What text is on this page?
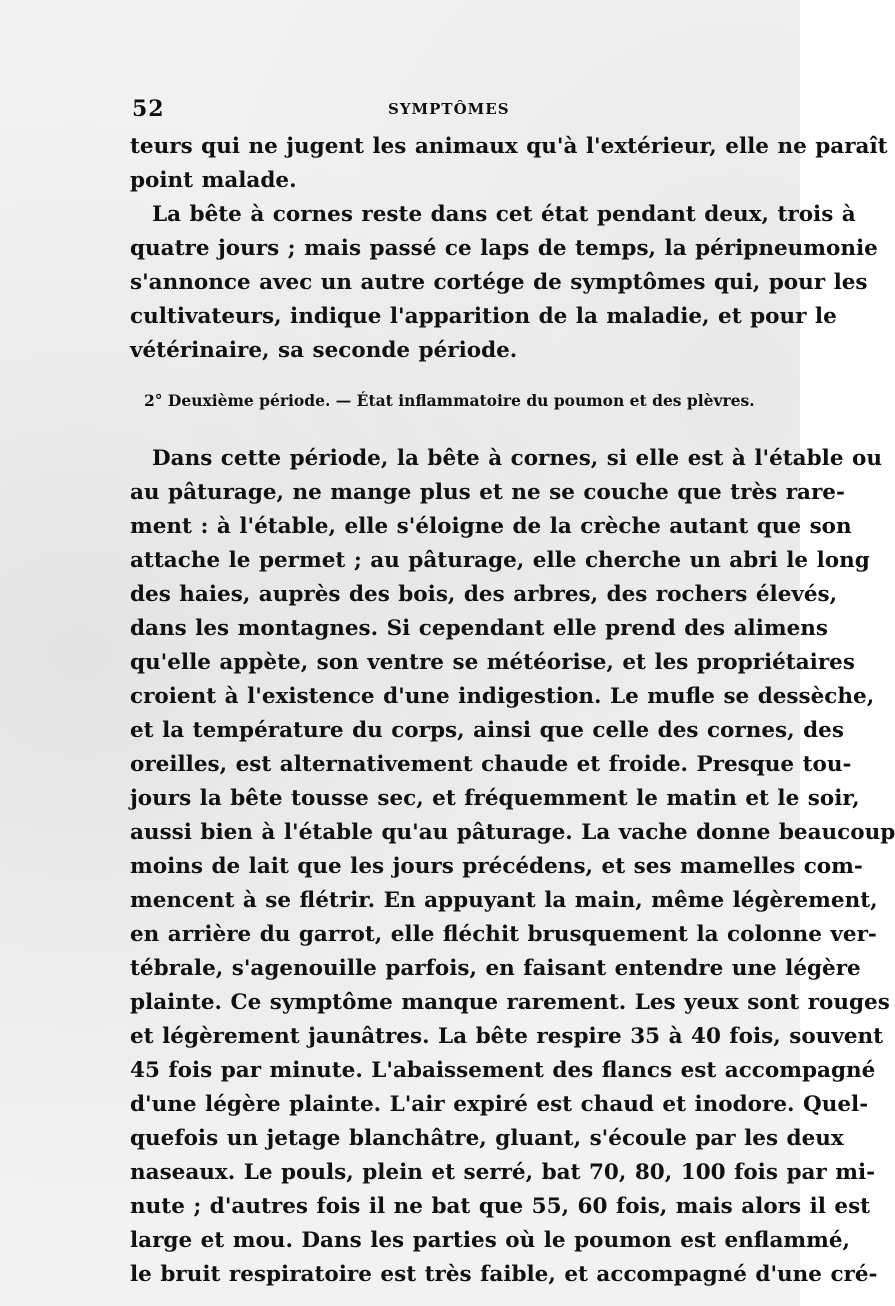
52	SYMPTÔMES
teurs qui ne jugent les animaux qu'à l'extérieur, elle ne paraît
point malade.
La bête à cornes reste dans cet état pendant deux, trois à
quatre jours ; mais passé ce laps de temps, la péripneumonie
s'annonce avec un autre cortége de symptômes qui, pour les
cultivateurs, indique l'apparition de la maladie, et pour le
vétérinaire, sa seconde période.
2° Deuxième période. — État inflammatoire du poumon et des plèvres.
Dans cette période, la bête à cornes, si elle est à l'étable ou
au pâturage, ne mange plus et ne se couche que très rare-
ment : à l'étable, elle s'éloigne de la crèche autant que son
attache le permet ; au pâturage, elle cherche un abri le long
des haies, auprès des bois, des arbres, des rochers élevés,
dans les montagnes. Si cependant elle prend des alimens
qu'elle appète, son ventre se météorise, et les propriétaires
croient à l'existence d'une indigestion. Le mufle se dessèche,
et la température du corps, ainsi que celle des cornes, des
oreilles, est alternativement chaude et froide. Presque tou-
jours la bête tousse sec, et fréquemment le matin et le soir,
aussi bien à l'étable qu'au pâturage. La vache donne beaucoup
moins de lait que les jours précédens, et ses mamelles com-
mencent à se flétrir. En appuyant la main, même légèrement,
en arrière du garrot, elle fléchit brusquement la colonne ver-
tébrale, s'agenouille parfois, en faisant entendre une légère
plainte. Ce symptôme manque rarement. Les yeux sont rouges
et légèrement jaunâtres. La bête respire 35 à 40 fois, souvent
45 fois par minute. L'abaissement des flancs est accompagné
d'une légère plainte. L'air expiré est chaud et inodore. Quel-
quefois un jetage blanchâtre, gluant, s'écoule par les deux
naseaux. Le pouls, plein et serré, bat 70, 80, 100 fois par mi-
nute ; d'autres fois il ne bat que 55, 60 fois, mais alors il est
large et mou. Dans les parties où le poumon est enflammé,
le bruit respiratoire est très faible, et accompagné d'une cré-
